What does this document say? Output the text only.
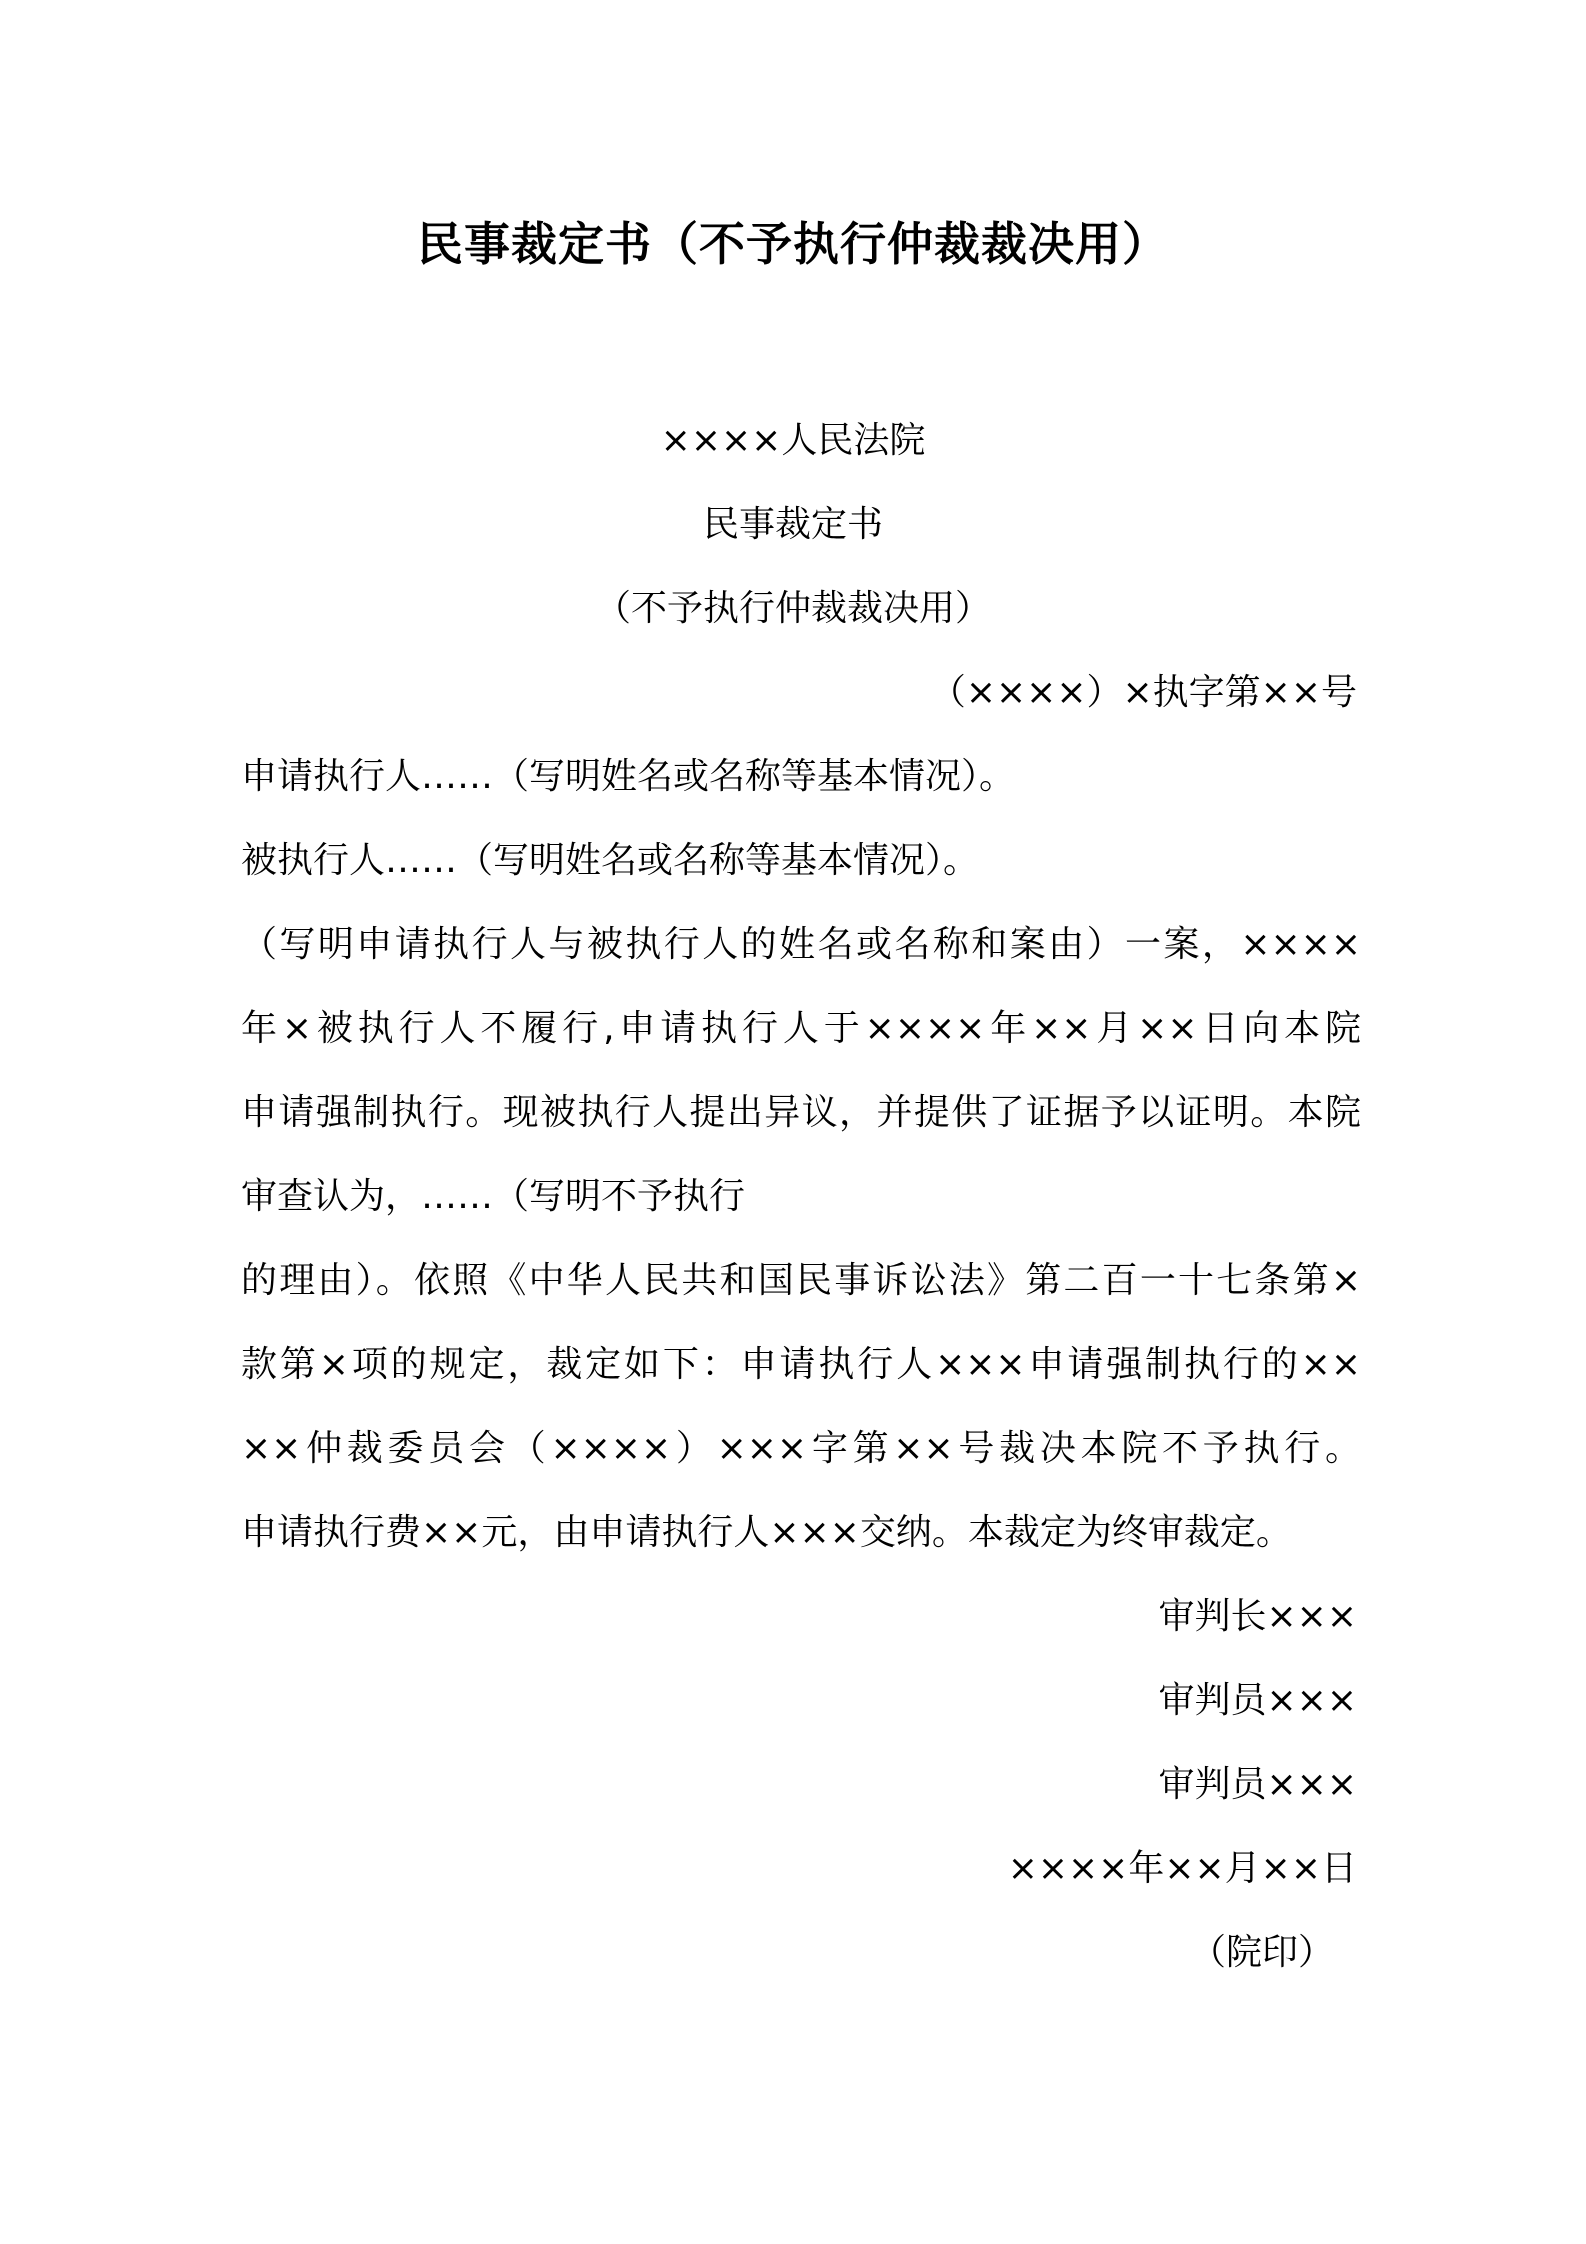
民事裁定书（不予执行仲裁裁决用）
××××人民法院
民事裁定书
（不予执行仲裁裁决用）
（××××）×执字第××号
申请执行人……（写明姓名或名称等基本情况）。
被执行人……（写明姓名或名称等基本情况）。
（写明申请执行人与被执行人的姓名或名称和案由）一案，××××
年×被执行人不履行,申请执行人于××××年××月××日向本院
申请强制执行。现被执行人提出异议，并提供了证据予以证明。本院
审查认为，……（写明不予执行
的理由）。依照《中华人民共和国民事诉讼法》第二百一十七条第×
款第×项的规定，裁定如下：申请执行人×××申请强制执行的××
××仲裁委员会（××××）×××字第××号裁决本院不予执行。
申请执行费××元，由申请执行人×××交纳。本裁定为终审裁定。
审判长×××
审判员×××
审判员×××
××××年××月××日
（院印）
